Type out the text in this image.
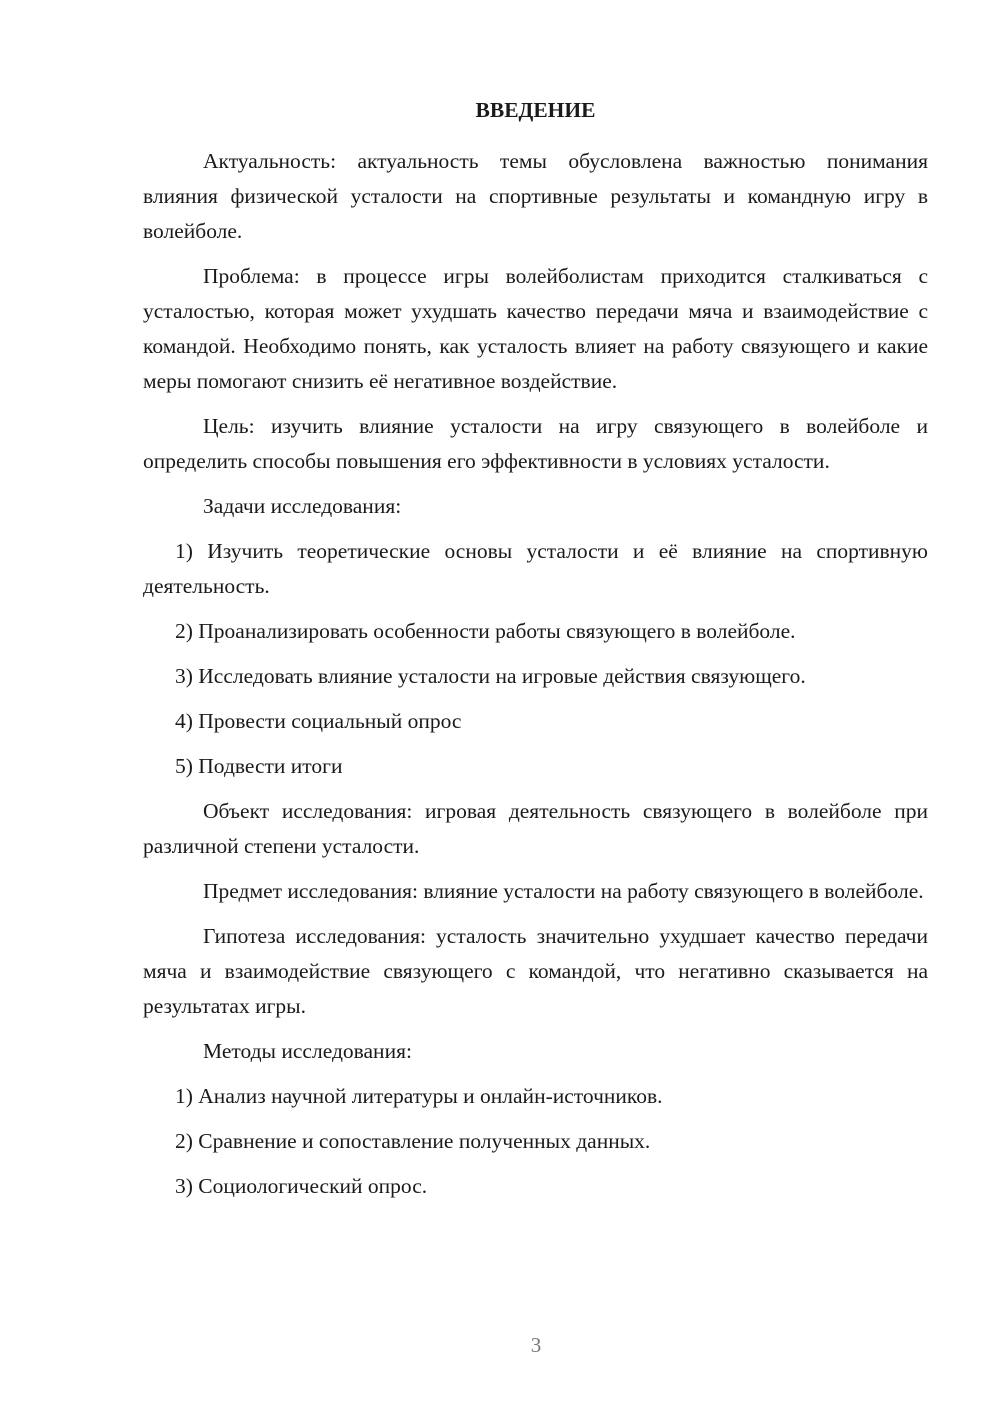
ВВЕДЕНИЕ

Актуальность: актуальность темы обусловлена важностью понимания влияния физической усталости на спортивные результаты и командную игру в волейболе.

Проблема: в процессе игры волейболистам приходится сталкиваться с усталостью, которая может ухудшать качество передачи мяча и взаимодействие с командой. Необходимо понять, как усталость влияет на работу связующего и какие меры помогают снизить её негативное воздействие.

Цель: изучить влияние усталости на игру связующего в волейболе и определить способы повышения его эффективности в условиях усталости.

Задачи исследования:

1) Изучить теоретические основы усталости и её влияние на спортивную деятельность.

2) Проанализировать особенности работы связующего в волейболе.

3) Исследовать влияние усталости на игровые действия связующего.

4) Провести социальный опрос

5) Подвести итоги

Объект исследования: игровая деятельность связующего в волейболе при различной степени усталости.

Предмет исследования: влияние усталости на работу связующего в волейболе.

Гипотеза исследования: усталость значительно ухудшает качество передачи мяча и взаимодействие связующего с командой, что негативно сказывается на результатах игры.

Методы исследования:

1) Анализ научной литературы и онлайн-источников.

2) Сравнение и сопоставление полученных данных.

3) Социологический опрос.

3
